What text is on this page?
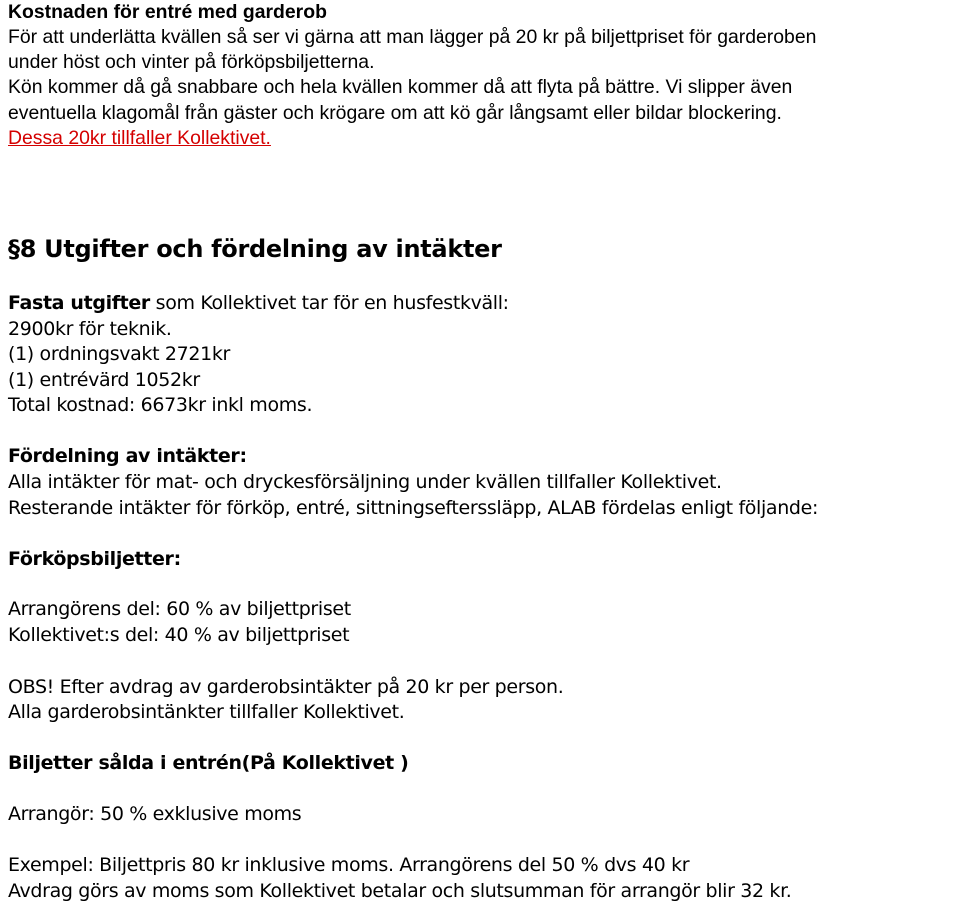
Kostnaden för entré med garderob
För att underlätta kvällen så ser vi gärna att man lägger på 20 kr på biljettpriset för garderoben
under höst och vinter på förköpsbiljetterna.
Kön kommer då gå snabbare och hela kvällen kommer då att flyta på bättre. Vi slipper även
eventuella klagomål från gäster och krögare om att kö går långsamt eller bildar blockering.
Dessa 20kr tillfaller Kollektivet.
§8 Utgifter och fördelning av intäkter
Fasta utgifter som Kollektivet tar för en husfestkväll:
2900kr för teknik.
(1) ordningsvakt 2721kr
(1) entrévärd 1052kr
Total kostnad: 6673kr inkl moms.
Fördelning av intäkter:
Alla intäkter för mat- och dryckesförsäljning under kvällen tillfaller Kollektivet.
Resterande intäkter för förköp, entré, sittningsefterssläpp, ALAB fördelas enligt följande:
Förköpsbiljetter:
Arrangörens del: 60 % av biljettpriset
Kollektivet:s del: 40 % av biljettpriset
OBS! Efter avdrag av garderobsintäkter på 20 kr per person.
Alla garderobsintänkter tillfaller Kollektivet.
Biljetter sålda i entrén(På Kollektivet )
Arrangör: 50 % exklusive moms
Exempel: Biljettpris 80 kr inklusive moms. Arrangörens del 50 % dvs 40 kr
Avdrag görs av moms som Kollektivet betalar och slutsumman för arrangör blir 32 kr.
